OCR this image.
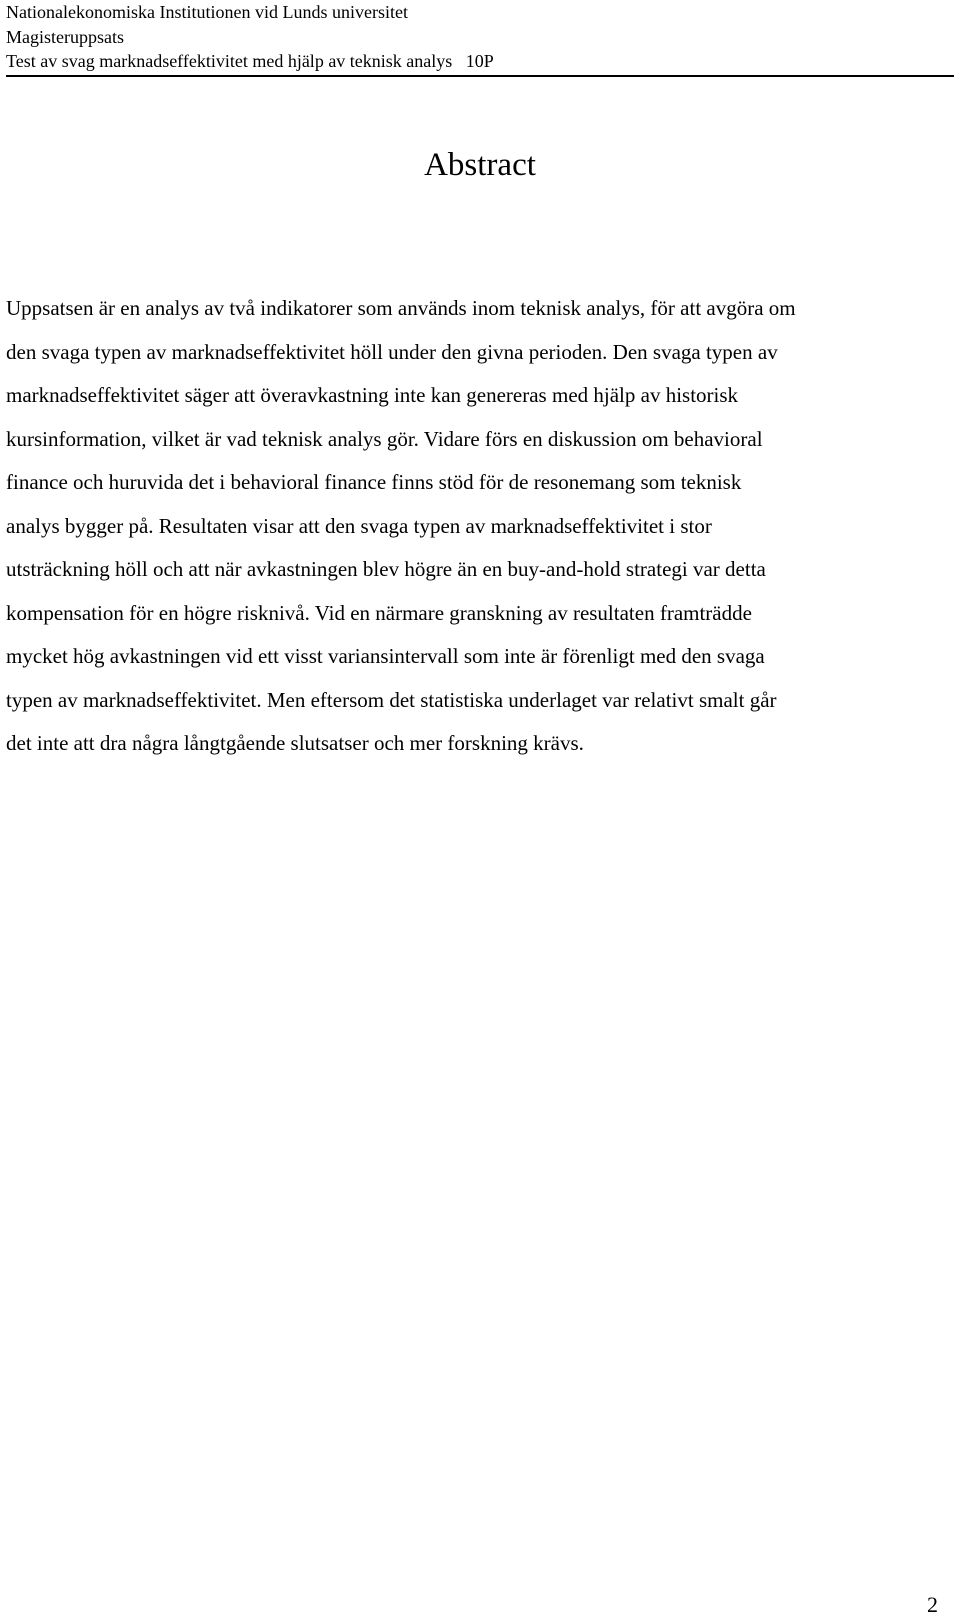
Nationalekonomiska Institutionen vid Lunds universitet
Magisteruppsats
Test av svag marknadseffektivitet med hjälp av teknisk analys   10P
Abstract
Uppsatsen är en analys av två indikatorer som används inom teknisk analys, för att avgöra om
den svaga typen av marknadseffektivitet höll under den givna perioden. Den svaga typen av
marknadseffektivitet säger att överavkastning inte kan genereras med hjälp av historisk
kursinformation, vilket är vad teknisk analys gör. Vidare förs en diskussion om behavioral
finance och huruvida det i behavioral finance finns stöd för de resonemang som teknisk
analys bygger på. Resultaten visar att den svaga typen av marknadseffektivitet i stor
utsträckning höll och att när avkastningen blev högre än en buy-and-hold strategi var detta
kompensation för en högre risknivå. Vid en närmare granskning av resultaten framträdde
mycket hög avkastningen vid ett visst variansintervall som inte är förenligt med den svaga
typen av marknadseffektivitet. Men eftersom det statistiska underlaget var relativt smalt går
det inte att dra några långtgående slutsatser och mer forskning krävs.
2
